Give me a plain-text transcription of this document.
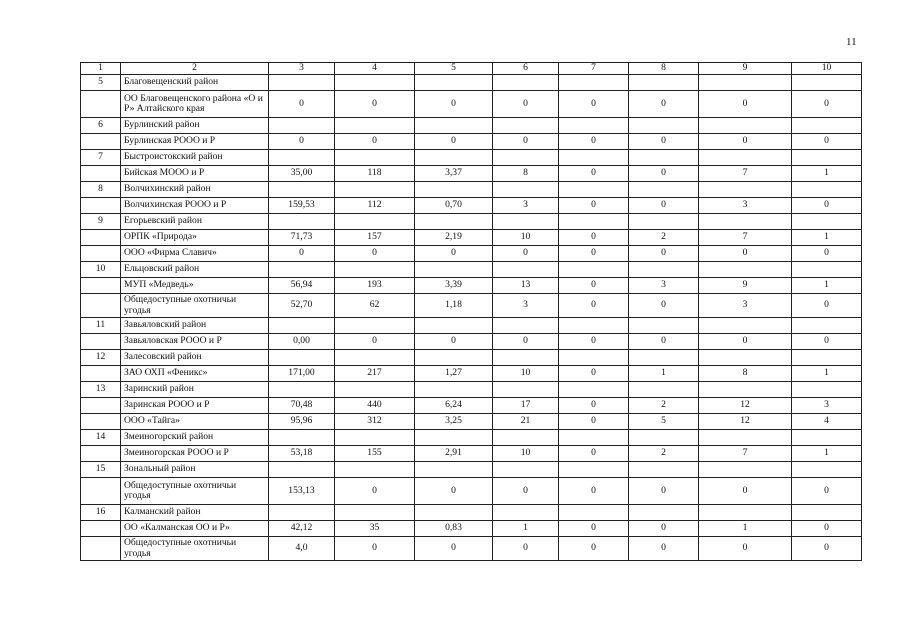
11
1	2	3	4	5	6	7	8	9	10
5	Благовещенский район								
	ОО Благовещенского района «О и Р» Алтайского края	0	0	0	0	0	0	0	0
6	Бурлинский район								
	Бурлинская РООО и Р	0	0	0	0	0	0	0	0
7	Быстроистокский район								
	Бийская МООО и Р	35,00	118	3,37	8	0	0	7	1
8	Волчихинский район								
	Волчихинская РООО и Р	159,53	112	0,70	3	0	0	3	0
9	Егорьевский район								
	ОРПК «Природа»	71,73	157	2,19	10	0	2	7	1
	ООО «Фирма Славич»	0	0	0	0	0	0	0	0
10	Ельцовский район								
	МУП «Медведь»	56,94	193	3,39	13	0	3	9	1
	Общедоступные охотничьи угодья	52,70	62	1,18	3	0	0	3	0
11	Завьяловский район								
	Завьяловская РООО и Р	0,00	0	0	0	0	0	0	0
12	Залесовский район								
	ЗАО ОХП «Феникс»	171,00	217	1,27	10	0	1	8	1
13	Заринский район								
	Заринская РООО и Р	70,48	440	6,24	17	0	2	12	3
	ООО «Тайга»	95,96	312	3,25	21	0	5	12	4
14	Змеиногорский район								
	Змеиногорская РООО и Р	53,18	155	2,91	10	0	2	7	1
15	Зональный район								
	Общедоступные охотничьи угодья	153,13	0	0	0	0	0	0	0
16	Калманский район								
	ОО «Калманская ОО и Р»	42,12	35	0,83	1	0	0	1	0
	Общедоступные охотничьи угодья	4,0	0	0	0	0	0	0	0
